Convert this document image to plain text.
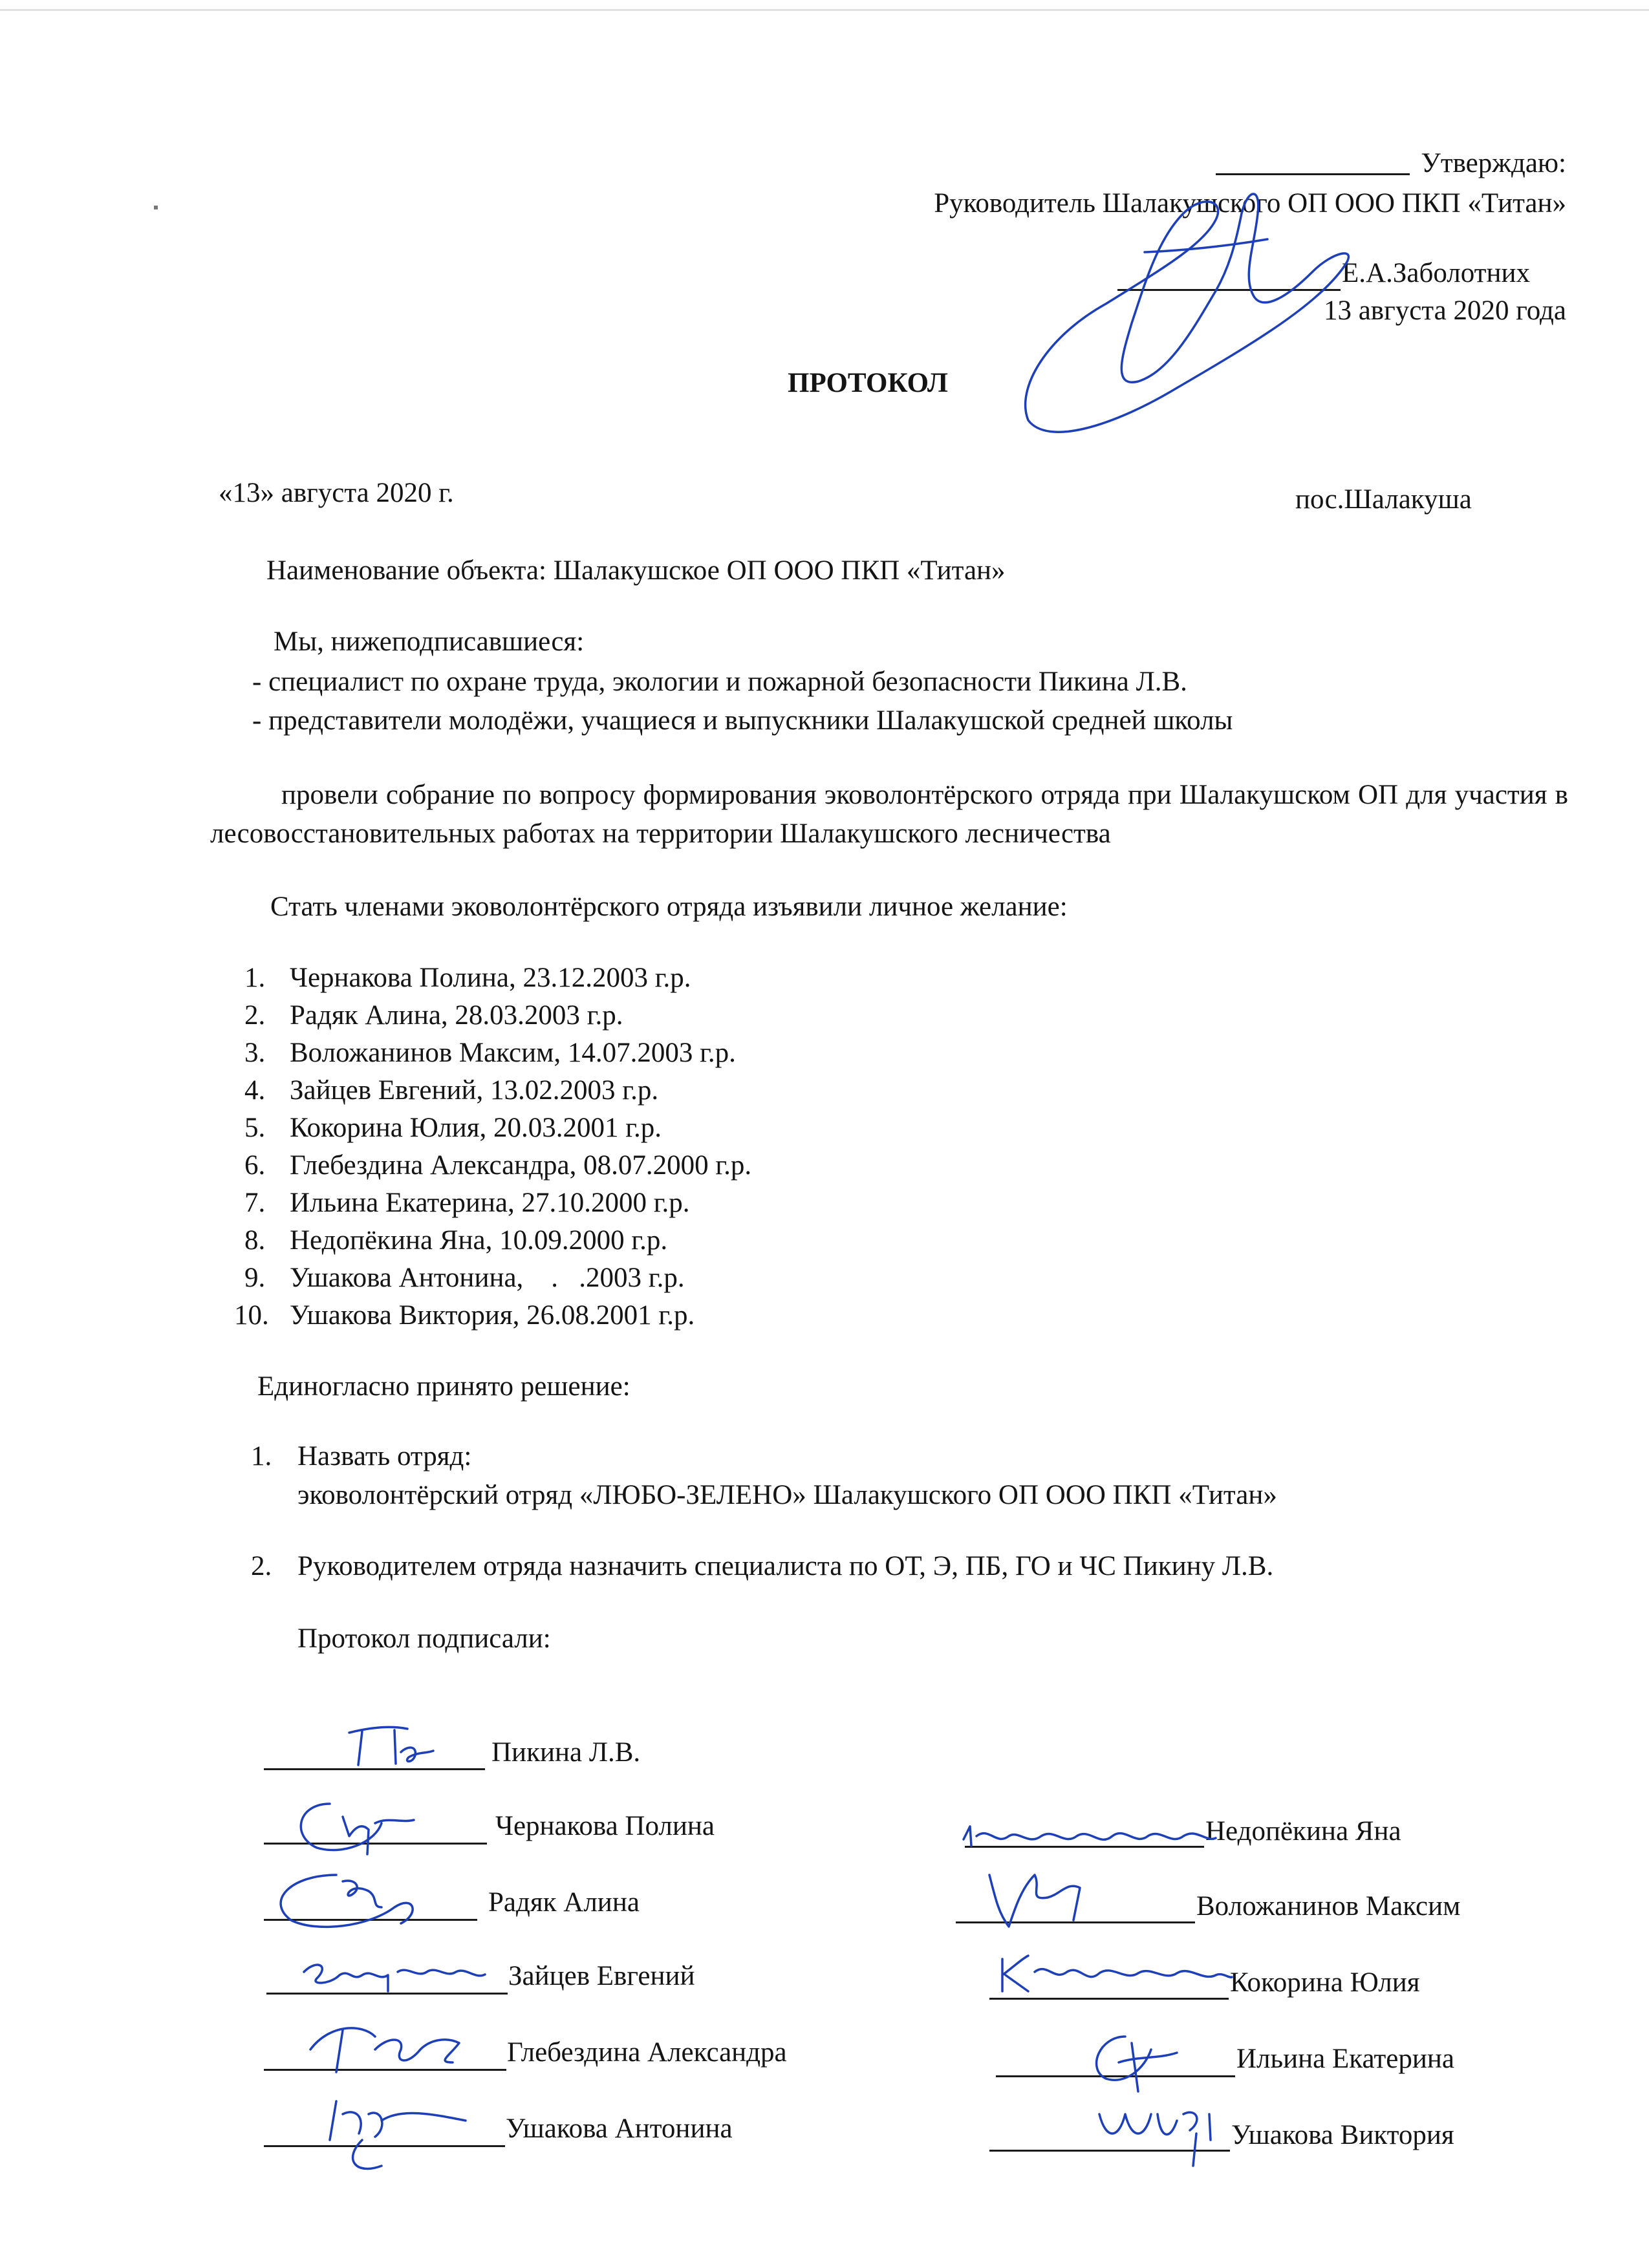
Утверждаю:
Руководитель Шалакушского ОП ООО ПКП «Титан»
Е.А.Заболотних
13 августа 2020 года
ПРОТОКОЛ
«13» августа 2020 г.	пос.Шалакуша
Наименование объекта: Шалакушское ОП ООО ПКП «Титан»
Мы, нижеподписавшиеся:
- специалист по охране труда, экологии и пожарной безопасности Пикина Л.В.
- представители молодёжи, учащиеся и выпускники Шалакушской средней школы
провели собрание по вопросу формирования эковолонтёрского отряда при Шалакушском ОП для участия в лесовосстановительных работах на территории Шалакушского лесничества
Стать членами эковолонтёрского отряда изъявили личное желание:
1. Чернакова Полина, 23.12.2003 г.р.
2. Радяк Алина, 28.03.2003 г.р.
3. Воложанинов Максим, 14.07.2003 г.р.
4. Зайцев Евгений, 13.02.2003 г.р.
5. Кокорина Юлия, 20.03.2001 г.р.
6. Глебездина Александра, 08.07.2000 г.р.
7. Ильина Екатерина, 27.10.2000 г.р.
8. Недопёкина Яна, 10.09.2000 г.р.
9. Ушакова Антонина,    .   .2003 г.р.
10. Ушакова Виктория, 26.08.2001 г.р.
Единогласно принято решение:
1. Назвать отряд:
эковолонтёрский отряд «ЛЮБО-ЗЕЛЕНО» Шалакушского ОП ООО ПКП «Титан»
2. Руководителем отряда назначить специалиста по ОТ, Э, ПБ, ГО и ЧС Пикину Л.В.
Протокол подписали:
Пикина Л.В.
Чернакова Полина
Радяк Алина
Зайцев Евгений
Глебездина Александра
Ушакова Антонина
Недопёкина Яна
Воложанинов Максим
Кокорина Юлия
Ильина Екатерина
Ушакова Виктория
